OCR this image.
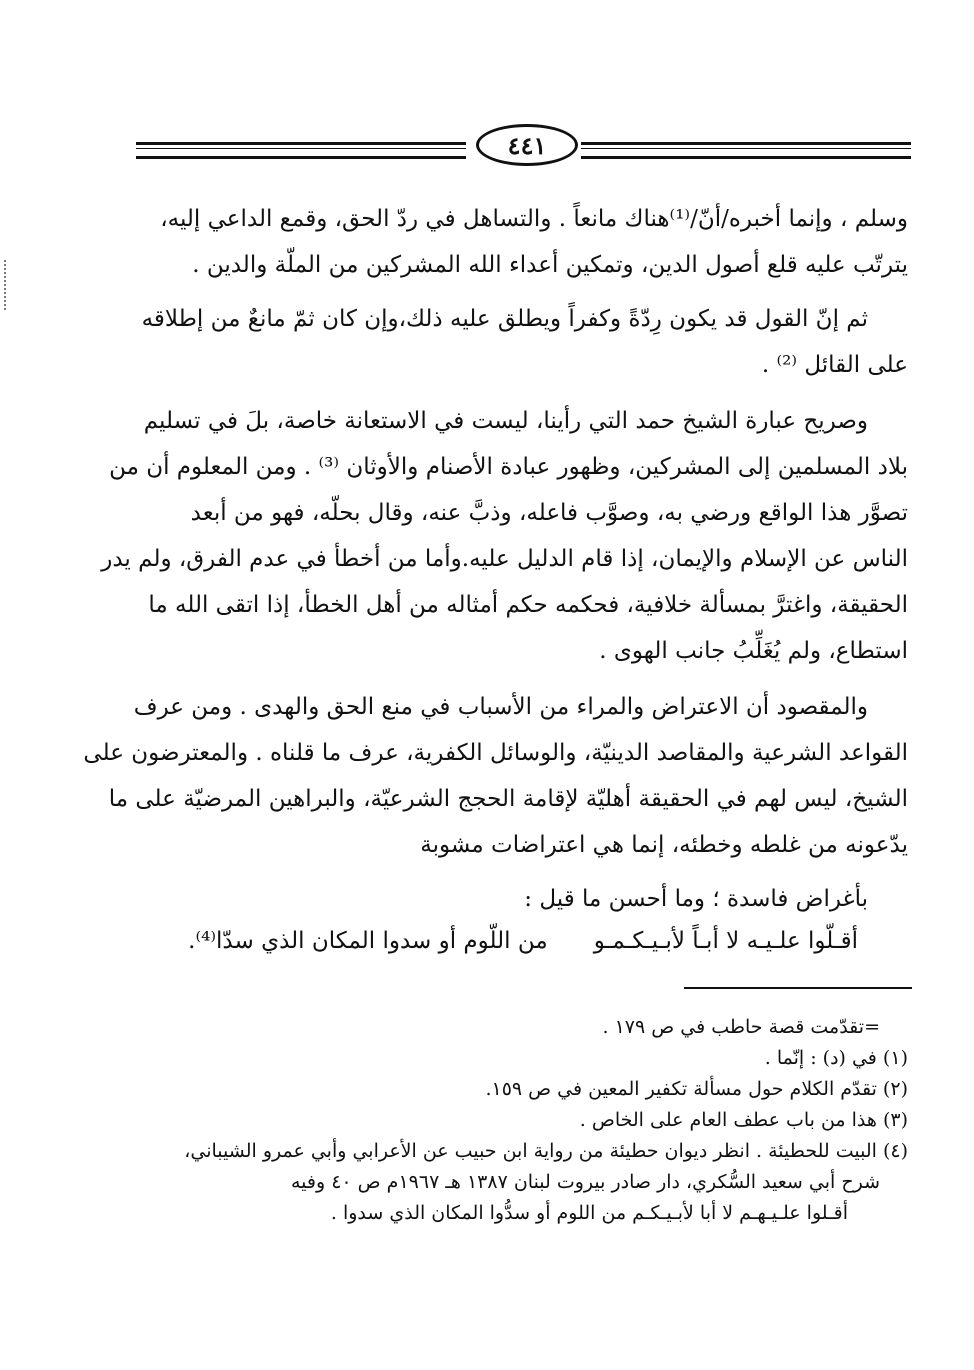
٤٤١
وسلم ، وإنما أخبره/أنّ/⁽¹⁾هناك مانعاً . والتساهل في ردّ الحق، وقمع الداعي إليه،
يترتّب عليه قلع أصول الدين، وتمكين أعداء الله المشركين من الملّة والدين .
ثم إنّ القول قد يكون رِدّةً وكفراً ويطلق عليه ذلك،وإن كان ثمّ مانعٌ من إطلاقه
على القائل ⁽²⁾ .
وصريح عبارة الشيخ حمد التي رأينا، ليست في الاستعانة خاصة، بلَ في تسليم
بلاد المسلمين إلى المشركين، وظهور عبادة الأصنام والأوثان ⁽³⁾ . ومن المعلوم أن من
تصوَّر هذا الواقع ورضي به، وصوَّب فاعله، وذبَّ عنه، وقال بحلّه، فهو من أبعد
الناس عن الإسلام والإيمان، إذا قام الدليل عليه.وأما من أخطأ في عدم الفرق، ولم يدر
الحقيقة، واغترَّ بمسألة خلافية، فحكمه حكم أمثاله من أهل الخطأ، إذا اتقى الله ما
استطاع، ولم يُغَلِّبُ جانب الهوى .
والمقصود أن الاعتراض والمراء من الأسباب في منع الحق والهدى . ومن عرف
القواعد الشرعية والمقاصد الدينيّة، والوسائل الكفرية، عرف ما قلناه . والمعترضون على
الشيخ، ليس لهم في الحقيقة أهليّة لإقامة الحجج الشرعيّة، والبراهين المرضيّة على ما
يدّعونه من غلطه وخطئه، إنما هي اعتراضات مشوبة
بأغراض فاسدة ؛ وما أحسن ما قيل :
أقـلّوا علـيـه لا أبـاً لأبـيـكـمـو
من اللّوم أو سدوا المكان الذي سدّا⁽⁴⁾.
=تقدّمت قصة حاطب في ص ١٧٩ .
(١) في (د) : إنّما .
(٢) تقدّم الكلام حول مسألة تكفير المعين في ص ١٥٩.
(٣) هذا من باب عطف العام على الخاص .
(٤) البيت للحطيئة . انظر ديوان حطيئة من رواية ابن حبيب عن الأعرابي وأبي عمرو الشيباني،
شرح أبي سعيد السُّكري، دار صادر بيروت لبنان ١٣٨٧ هـ ١٩٦٧م ص ٤٠ وفيه
أقـلوا علـيـهـم لا أبا لأبـيـكـم من اللوم أو سدُّوا المكان الذي سدوا .
